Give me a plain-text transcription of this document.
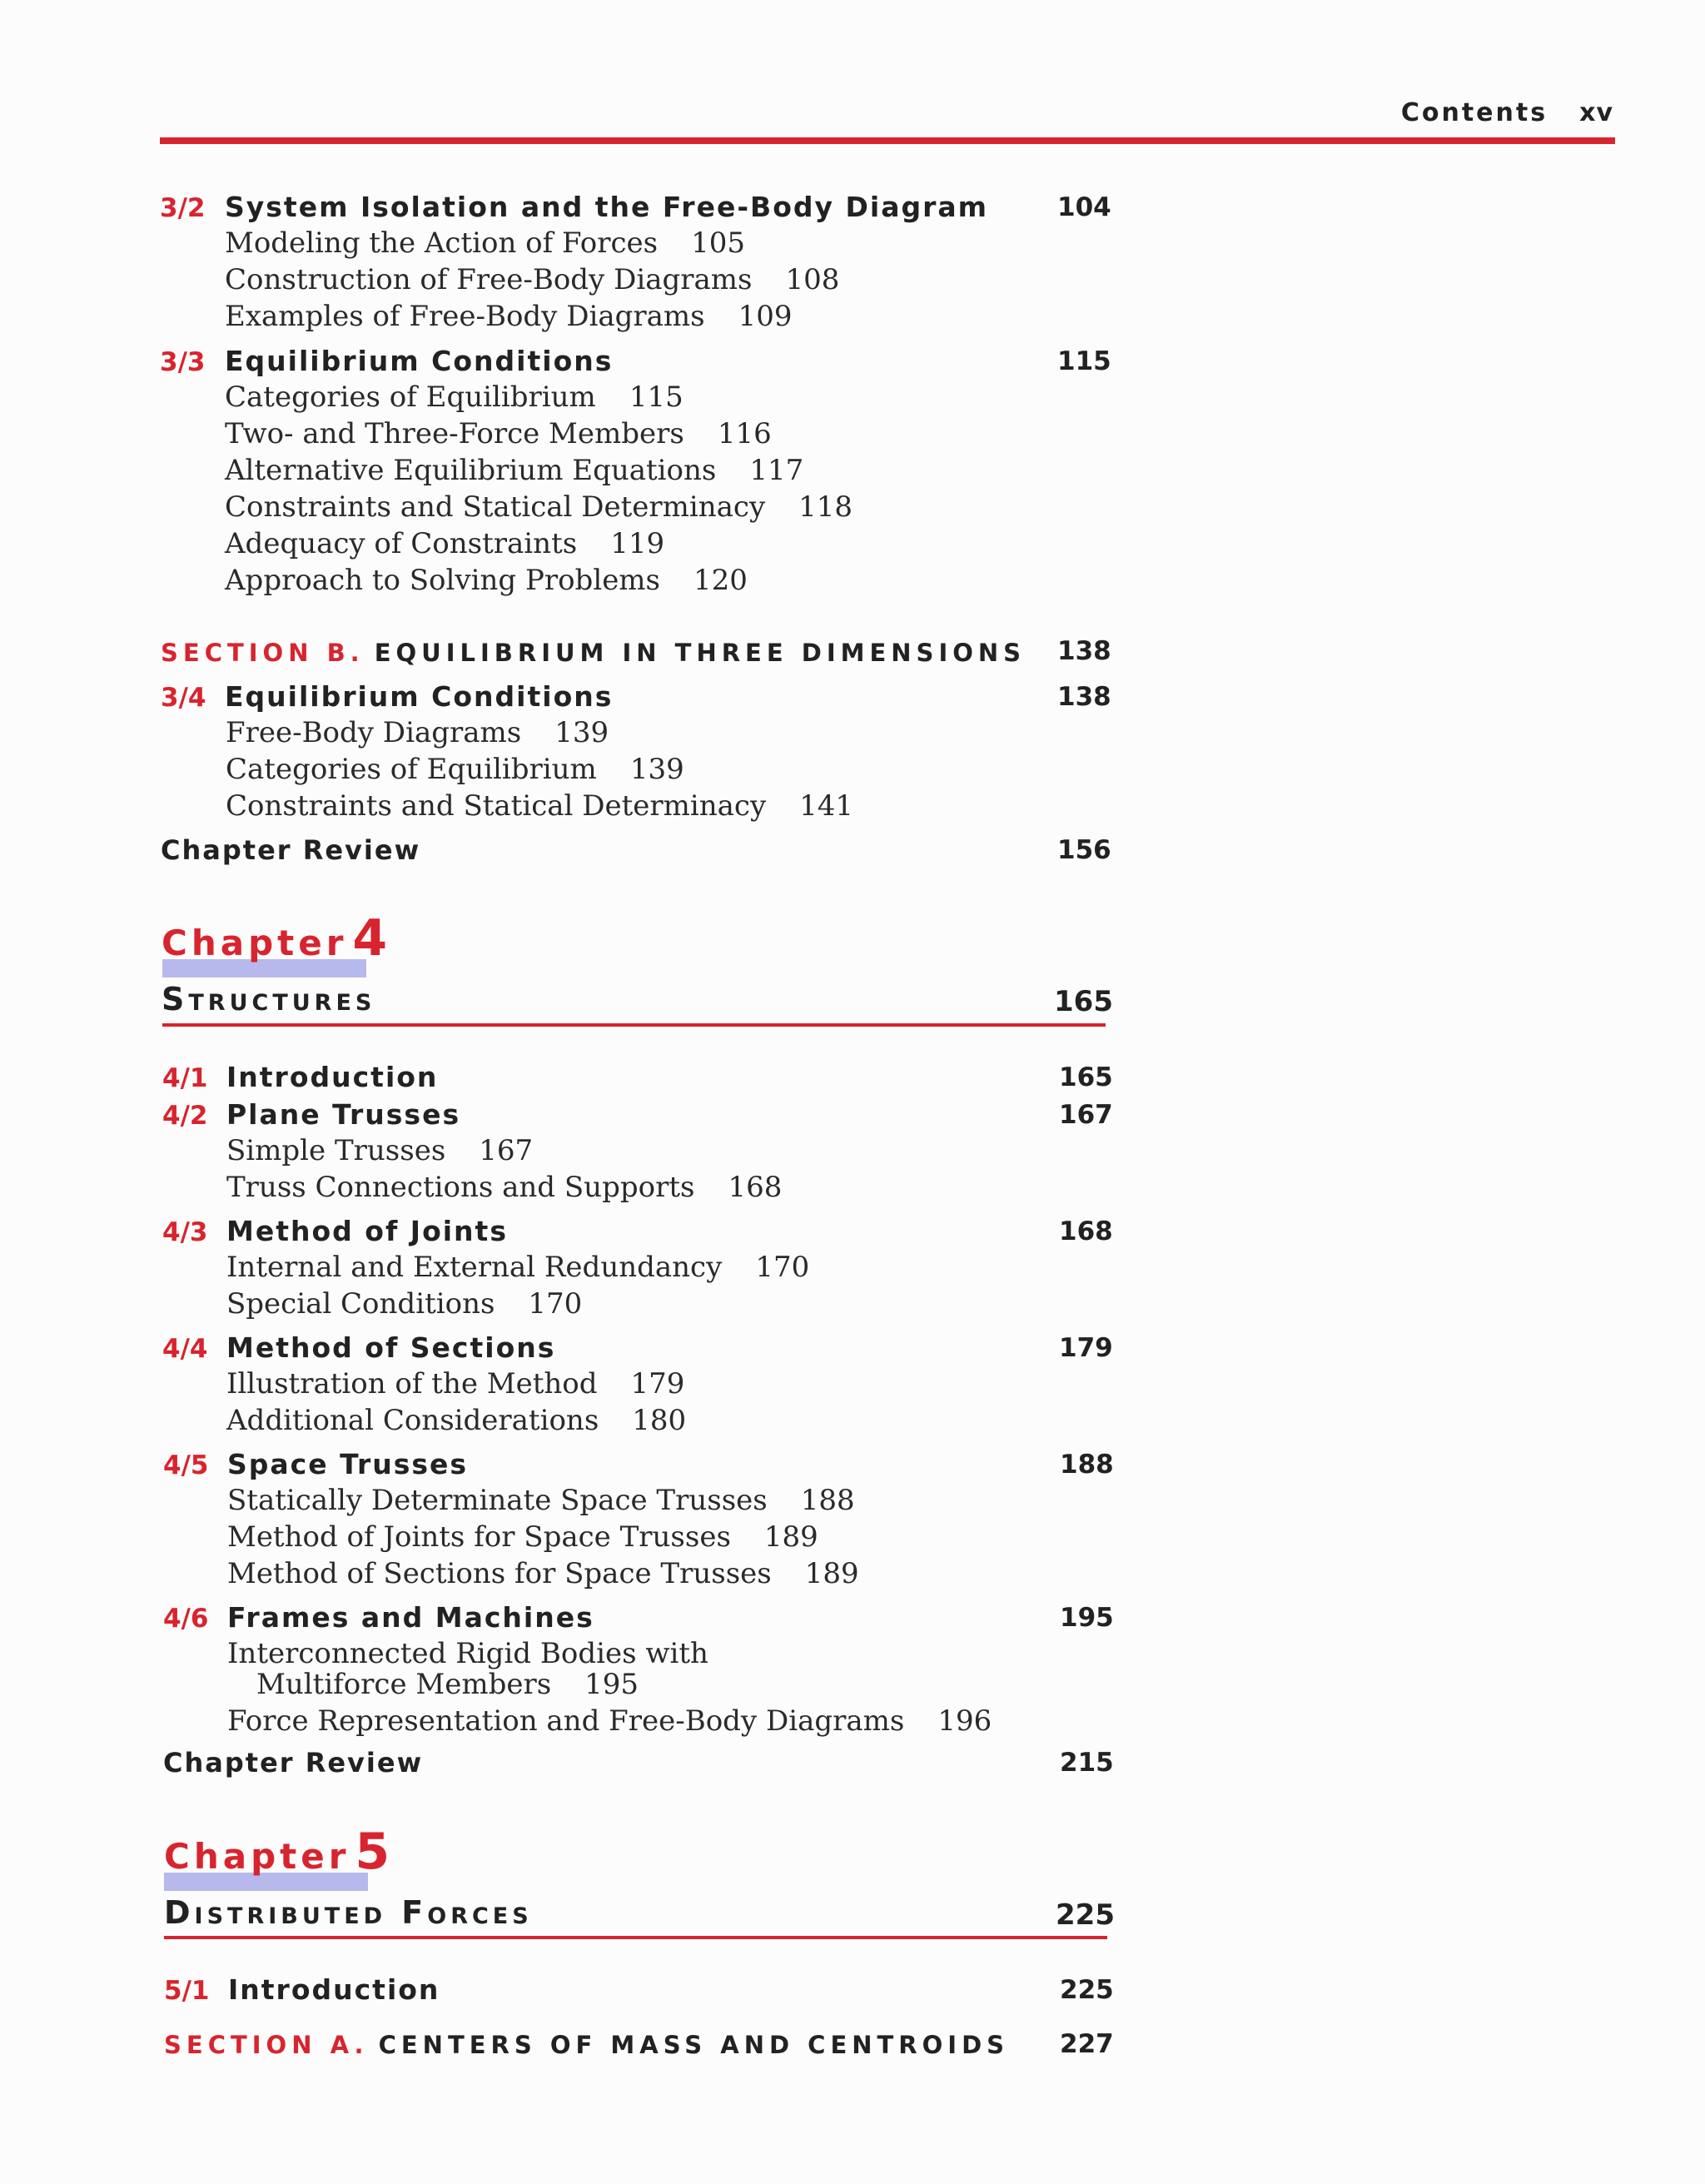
Contents xv
3/2 System Isolation and the Free-Body Diagram	104
Modeling the Action of Forces 105
Construction of Free-Body Diagrams 108
Examples of Free-Body Diagrams 109
3/3 Equilibrium Conditions	115
Categories of Equilibrium 115
Two- and Three-Force Members 116
Alternative Equilibrium Equations 117
Constraints and Statical Determinacy 118
Adequacy of Constraints 119
Approach to Solving Problems 120
SECTION B. EQUILIBRIUM IN THREE DIMENSIONS 138
3/4 Equilibrium Conditions	138
Free-Body Diagrams 139
Categories of Equilibrium 139
Constraints and Statical Determinacy 141
Chapter Review	156
Chapter 4
Structures	165
4/1 Introduction	165
4/2 Plane Trusses	167
Simple Trusses 167
Truss Connections and Supports 168
4/3 Method of Joints	168
Internal and External Redundancy 170
Special Conditions 170
4/4 Method of Sections	179
Illustration of the Method 179
Additional Considerations 180
4/5 Space Trusses	188
Statically Determinate Space Trusses 188
Method of Joints for Space Trusses 189
Method of Sections for Space Trusses 189
4/6 Frames and Machines	195
Interconnected Rigid Bodies with
Multiforce Members 195
Force Representation and Free-Body Diagrams 196
Chapter Review	215
Chapter 5
Distributed Forces	225
5/1 Introduction	225
SECTION A. CENTERS OF MASS AND CENTROIDS 227
